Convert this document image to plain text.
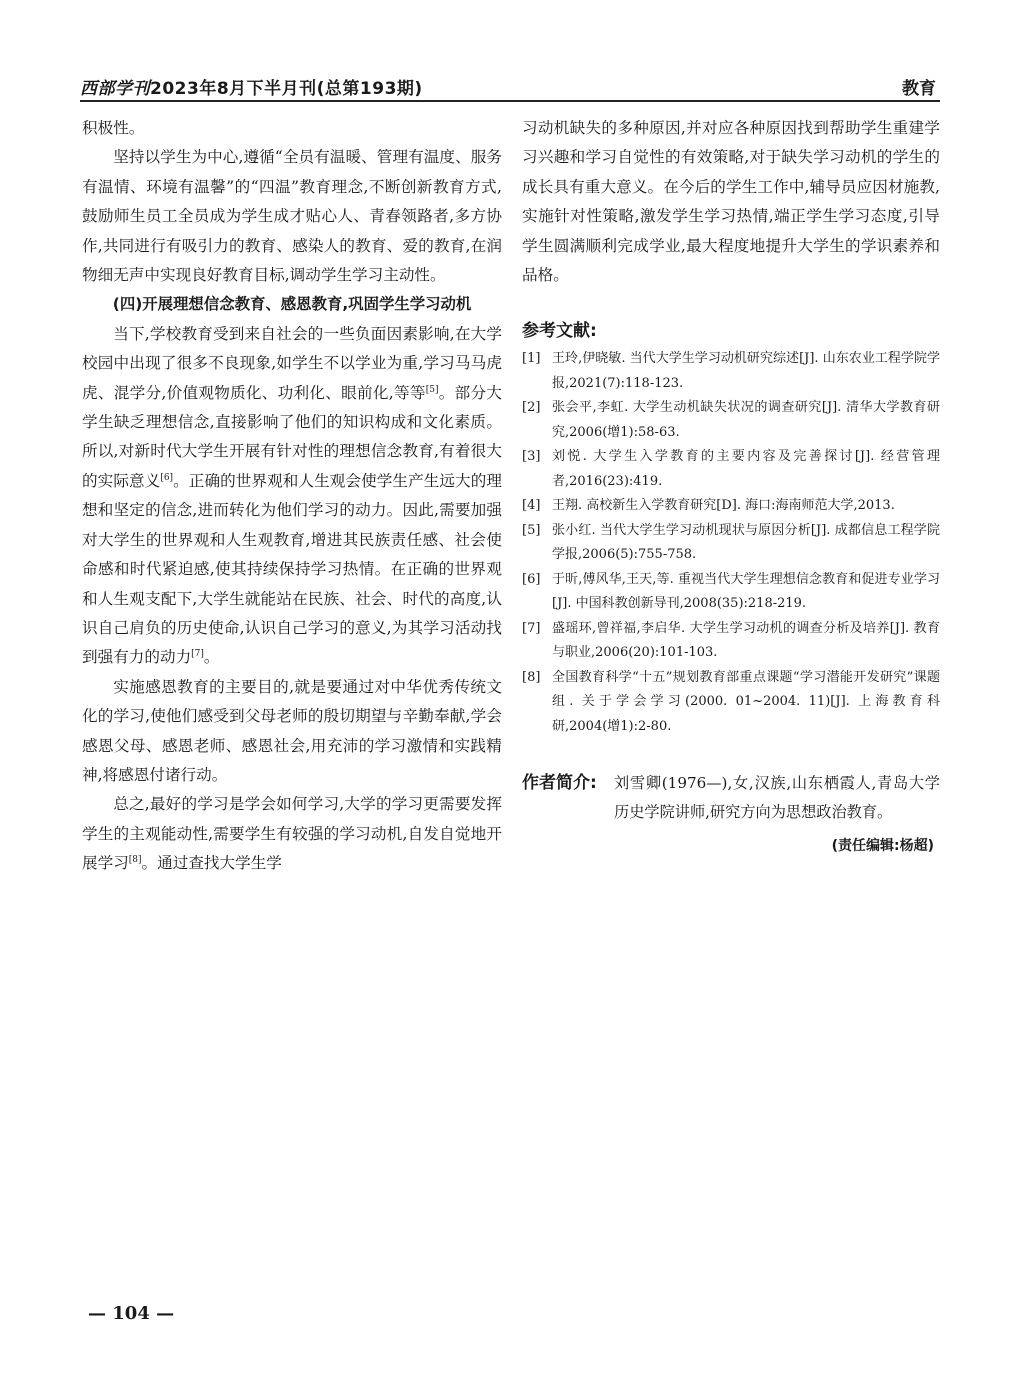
西部学刊2023年8月下半月刊(总第193期)	教育

积极性。

坚持以学生为中心,遵循“全员有温暖、管理有温度、服务有温情、环境有温馨”的“四温”教育理念,不断创新教育方式,鼓励师生员工全员成为学生成才贴心人、青春领路者,多方协作,共同进行有吸引力的教育、感染人的教育、爱的教育,在润物细无声中实现良好教育目标,调动学生学习主动性。

(四)开展理想信念教育、感恩教育,巩固学生学习动机

当下,学校教育受到来自社会的一些负面因素影响,在大学校园中出现了很多不良现象,如学生不以学业为重,学习马马虎虎、混学分,价值观物质化、功利化、眼前化,等等[5]。部分大学生缺乏理想信念,直接影响了他们的知识构成和文化素质。所以,对新时代大学生开展有针对性的理想信念教育,有着很大的实际意义[6]。正确的世界观和人生观会使学生产生远大的理想和坚定的信念,进而转化为他们学习的动力。因此,需要加强对大学生的世界观和人生观教育,增进其民族责任感、社会使命感和时代紧迫感,使其持续保持学习热情。在正确的世界观和人生观支配下,大学生就能站在民族、社会、时代的高度,认识自己肩负的历史使命,认识自己学习的意义,为其学习活动找到强有力的动力[7]。

实施感恩教育的主要目的,就是要通过对中华优秀传统文化的学习,使他们感受到父母老师的殷切期望与辛勤奉献,学会感恩父母、感恩老师、感恩社会,用充沛的学习激情和实践精神,将感恩付诸行动。

总之,最好的学习是学会如何学习,大学的学习更需要发挥学生的主观能动性,需要学生有较强的学习动机,自发自觉地开展学习[8]。通过查找大学生学

习动机缺失的多种原因,并对应各种原因找到帮助学生重建学习兴趣和学习自觉性的有效策略,对于缺失学习动机的学生的成长具有重大意义。在今后的学生工作中,辅导员应因材施教,实施针对性策略,激发学生学习热情,端正学生学习态度,引导学生圆满顺利完成学业,最大程度地提升大学生的学识素养和品格。

参考文献:
[1] 王玲,伊晓敏. 当代大学生学习动机研究综述[J]. 山东农业工程学院学报,2021(7):118-123.
[2] 张会平,李虹. 大学生动机缺失状况的调查研究[J]. 清华大学教育研究,2006(增1):58-63.
[3] 刘悦. 大学生入学教育的主要内容及完善探讨[J]. 经营管理者,2016(23):419.
[4] 王翔. 高校新生入学教育研究[D]. 海口:海南师范大学,2013.
[5] 张小红. 当代大学生学习动机现状与原因分析[J]. 成都信息工程学院学报,2006(5):755-758.
[6] 于昕,傅风华,王天,等. 重视当代大学生理想信念教育和促进专业学习[J]. 中国科教创新导刊,2008(35):218-219.
[7] 盛瑶环,曾祥福,李启华. 大学生学习动机的调查分析及培养[J]. 教育与职业,2006(20):101-103.
[8] 全国教育科学“十五”规划教育部重点课题“学习潜能开发研究”课题组. 关于学会学习(2000. 01~2004. 11)[J]. 上海教育科研,2004(增1):2-80.
作者简介:	刘雪卿(1976—),女,汉族,山东栖霞人,青岛大学历史学院讲师,研究方向为思想政治教育。
(责任编辑:杨超)
— 104 —
